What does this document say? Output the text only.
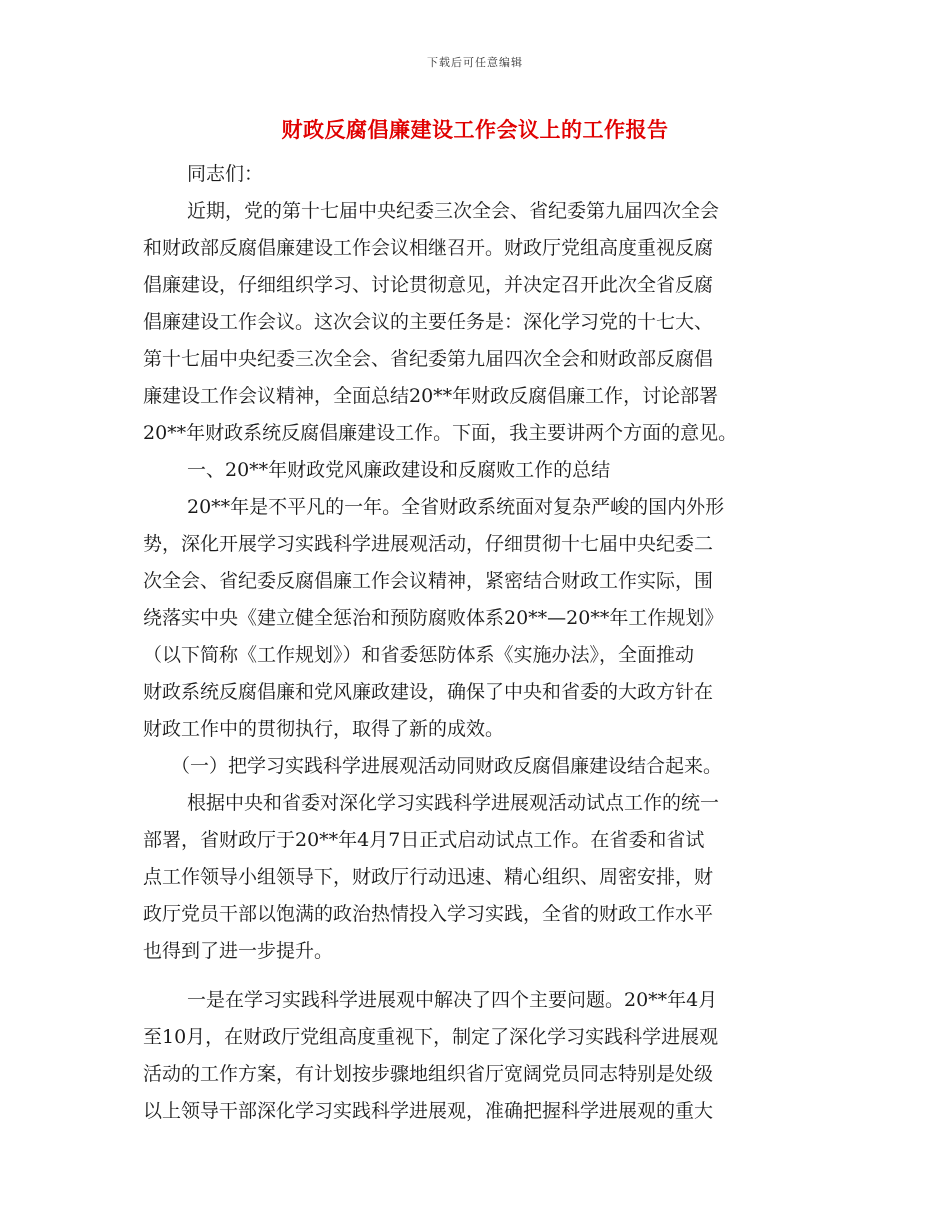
下载后可任意编辑
财政反腐倡廉建设工作会议上的工作报告
同志们：
近期，党的第十七届中央纪委三次全会、省纪委第九届四次全会
和财政部反腐倡廉建设工作会议相继召开。财政厅党组高度重视反腐
倡廉建设，仔细组织学习、讨论贯彻意见，并决定召开此次全省反腐
倡廉建设工作会议。这次会议的主要任务是：深化学习党的十七大、
第十七届中央纪委三次全会、省纪委第九届四次全会和财政部反腐倡
廉建设工作会议精神，全面总结20**年财政反腐倡廉工作，讨论部署
20**年财政系统反腐倡廉建设工作。下面，我主要讲两个方面的意见。
一、20**年财政党风廉政建设和反腐败工作的总结
20**年是不平凡的一年。全省财政系统面对复杂严峻的国内外形
势，深化开展学习实践科学进展观活动，仔细贯彻十七届中央纪委二
次全会、省纪委反腐倡廉工作会议精神，紧密结合财政工作实际，围
绕落实中央《建立健全惩治和预防腐败体系20**—20**年工作规划》
（以下简称《工作规划》）和省委惩防体系《实施办法》，全面推动
财政系统反腐倡廉和党风廉政建设，确保了中央和省委的大政方针在
财政工作中的贯彻执行，取得了新的成效。
（一）把学习实践科学进展观活动同财政反腐倡廉建设结合起来。
根据中央和省委对深化学习实践科学进展观活动试点工作的统一
部署，省财政厅于20**年4月7日正式启动试点工作。在省委和省试
点工作领导小组领导下，财政厅行动迅速、精心组织、周密安排，财
政厅党员干部以饱满的政治热情投入学习实践，全省的财政工作水平
也得到了进一步提升。
一是在学习实践科学进展观中解决了四个主要问题。20**年4月
至10月，在财政厅党组高度重视下，制定了深化学习实践科学进展观
活动的工作方案，有计划按步骤地组织省厅宽阔党员同志特别是处级
以上领导干部深化学习实践科学进展观，准确把握科学进展观的重大
